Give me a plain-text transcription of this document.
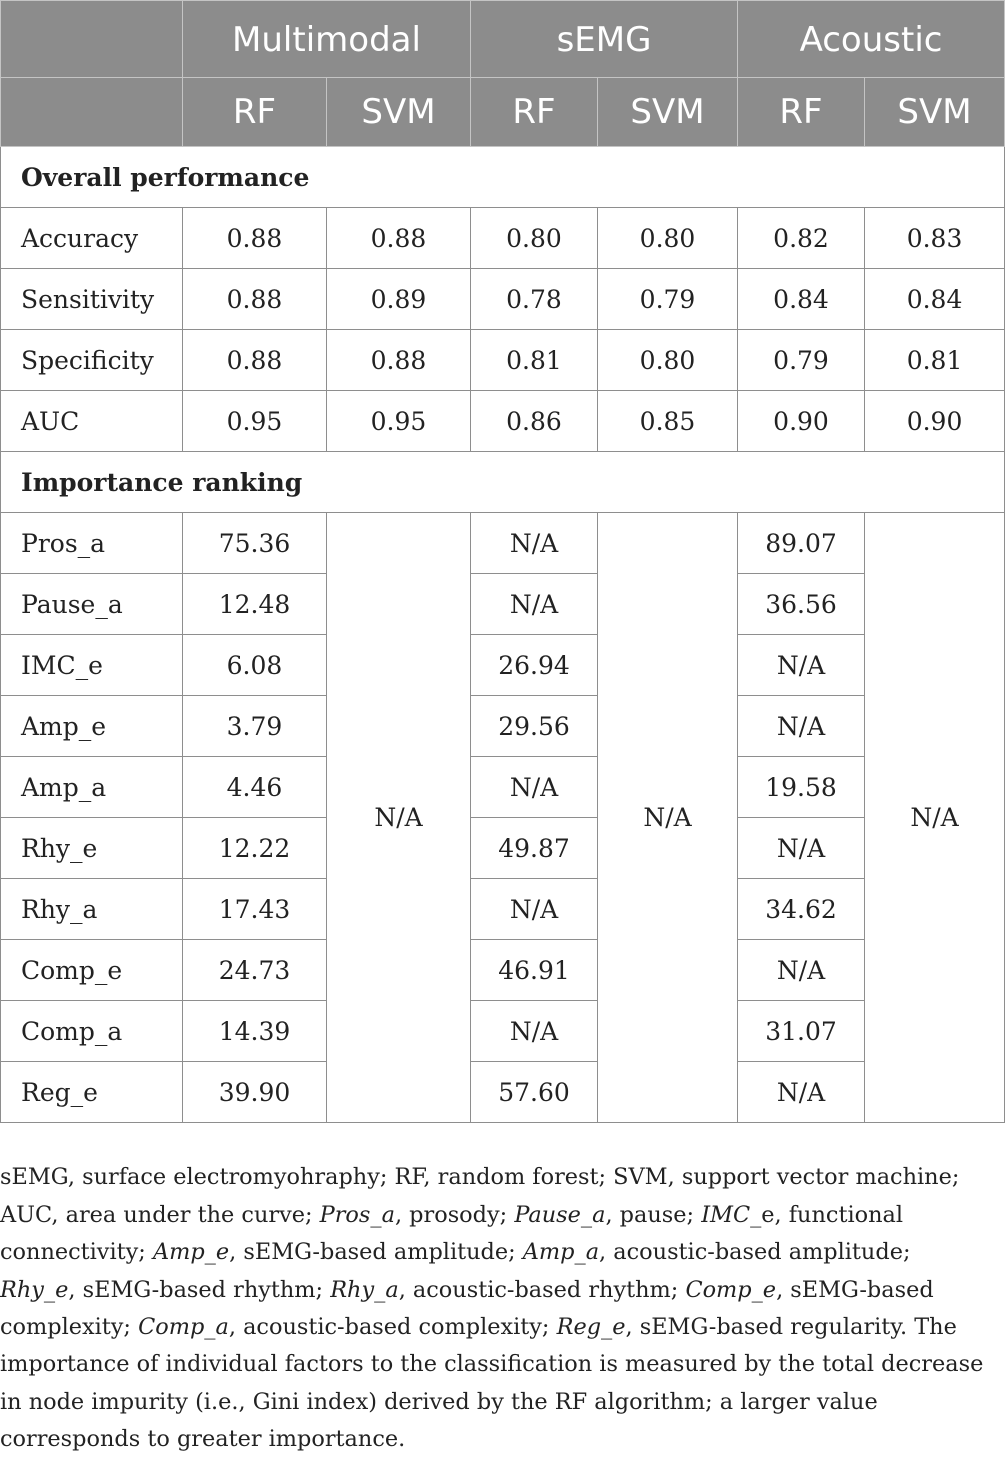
	Multimodal		sEMG		Acoustic	
	RF	SVM	RF	SVM	RF	SVM
Overall performance						
Accuracy	0.88	0.88	0.80	0.80	0.82	0.83
Sensitivity	0.88	0.89	0.78	0.79	0.84	0.84
Specificity	0.88	0.88	0.81	0.80	0.79	0.81
AUC	0.95	0.95	0.86	0.85	0.90	0.90
Importance ranking						
Pros_a	75.36	N/A	N/A	N/A	89.07	N/A
Pause_a	12.48		N/A		36.56	
IMC_e	6.08		26.94		N/A	
Amp_e	3.79		29.56		N/A	
Amp_a	4.46		N/A		19.58	
Rhy_e	12.22		49.87		N/A	
Rhy_a	17.43		N/A		34.62	
Comp_e	24.73		46.91		N/A	
Comp_a	14.39		N/A		31.07	
Reg_e	39.90		57.60		N/A	

sEMG, surface electromyohraphy; RF, random forest; SVM, support vector machine; AUC, area under the curve; Pros_a, prosody; Pause_a, pause; IMC_e, functional connectivity; Amp_e, sEMG-based amplitude; Amp_a, acoustic-based amplitude; Rhy_e, sEMG-based rhythm; Rhy_a, acoustic-based rhythm; Comp_e, sEMG-based complexity; Comp_a, acoustic-based complexity; Reg_e, sEMG-based regularity. The importance of individual factors to the classification is measured by the total decrease in node impurity (i.e., Gini index) derived by the RF algorithm; a larger value corresponds to greater importance.
